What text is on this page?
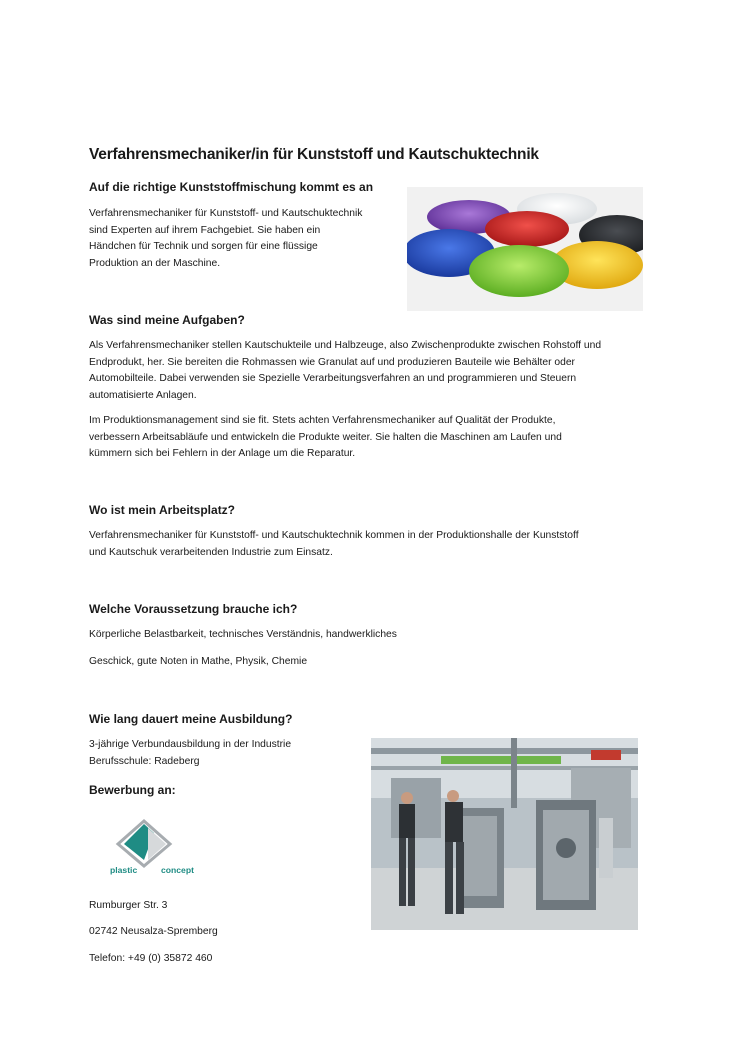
Verfahrensmechaniker/in für Kunststoff und Kautschuktechnik
Auf die richtige Kunststoffmischung kommt es an

Verfahrensmechaniker für Kunststoff- und Kautschuktechnik
sind Experten auf ihrem Fachgebiet. Sie haben ein
Händchen für Technik und sorgen für eine flüssige
Produktion an der Maschine.

Was sind meine Aufgaben?

Als Verfahrensmechaniker stellen Kautschukteile und Halbzeuge, also Zwischenprodukte zwischen Rohstoff und
Endprodukt, her. Sie bereiten die Rohmassen wie Granulat auf und produzieren Bauteile wie Behälter oder
Automobilteile. Dabei verwenden sie Spezielle Verarbeitungsverfahren an und programmieren und Steuern
automatisierte Anlagen.

Im Produktionsmanagement sind sie fit. Stets achten Verfahrensmechaniker auf Qualität der Produkte,
verbessern Arbeitsabläufe und entwickeln die Produkte weiter. Sie halten die Maschinen am Laufen und
kümmern sich bei Fehlern in der Anlage um die Reparatur.

Wo ist mein Arbeitsplatz?

Verfahrensmechaniker für Kunststoff- und Kautschuktechnik kommen in der Produktionshalle der Kunststoff
und Kautschuk verarbeitenden Industrie zum Einsatz.

Welche Voraussetzung brauche ich?

Körperliche Belastbarkeit, technisches Verständnis, handwerkliches

Geschick, gute Noten in Mathe, Physik, Chemie

Wie lang dauert meine Ausbildung?

3-jährige Verbundausbildung in der Industrie
Berufsschule: Radeberg

Bewerbung an:
plastic	concept

Rumburger Str. 3

02742 Neusalza-Spremberg

Telefon: +49 (0) 35872 460
